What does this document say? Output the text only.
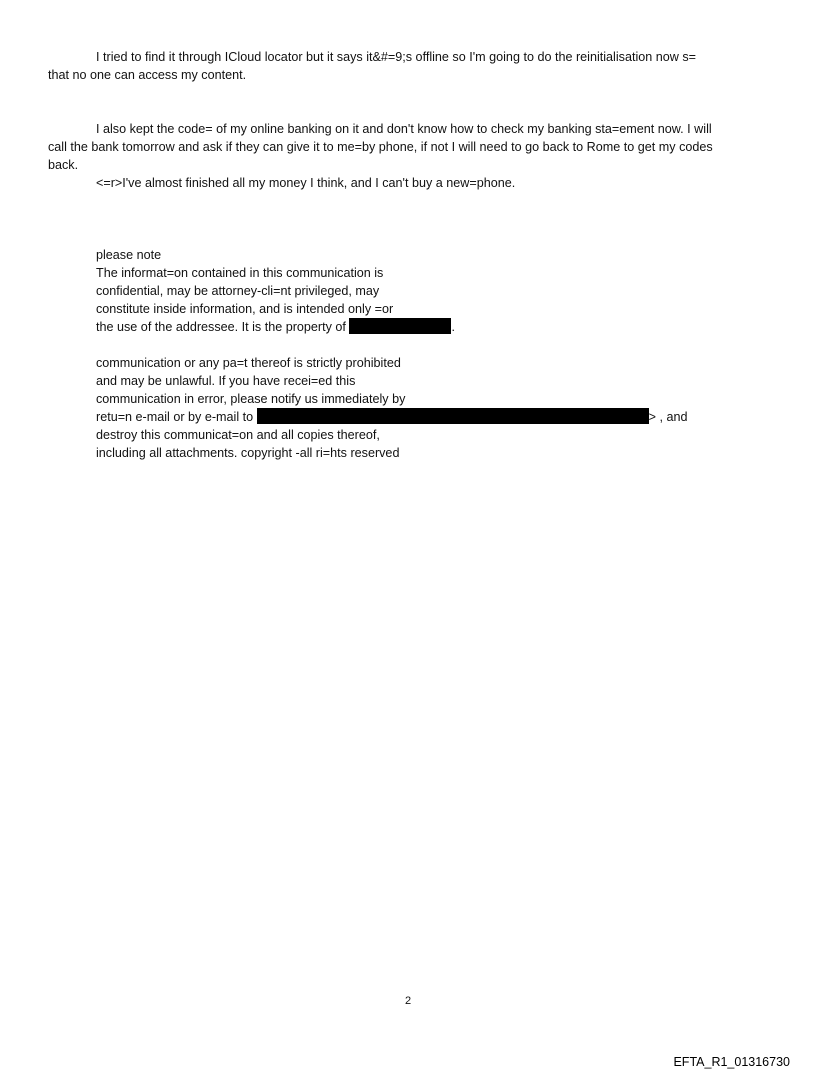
I tried to find it through ICloud locator but it says it&#=9;s offline so I'm going to do the reinitialisation now s=
that no one can access my content.
I also kept the code= of my online banking on it and don't know how to check my banking sta=ement now. I will
call the bank tomorrow and ask if they can give it to me=by phone, if not I will need to go back to Rome to get my codes
back.
<=r>I've almost finished all my money I think, and I can't buy a new=phone.
please note
The informat=on contained in this communication is
confidential, may be attorney-cli=nt privileged, may
constitute inside information, and is intended only =or
the use of the addressee. It is the property of	.
communication or any pa=t thereof is strictly prohibited
and may be unlawful. If you have recei=ed this
communication in error, please notify us immediately by
retu=n e-mail or by e-mail to	> , and
destroy this communicat=on and all copies thereof,
including all attachments. copyright -all ri=hts reserved
2
EFTA_R1_01316730
